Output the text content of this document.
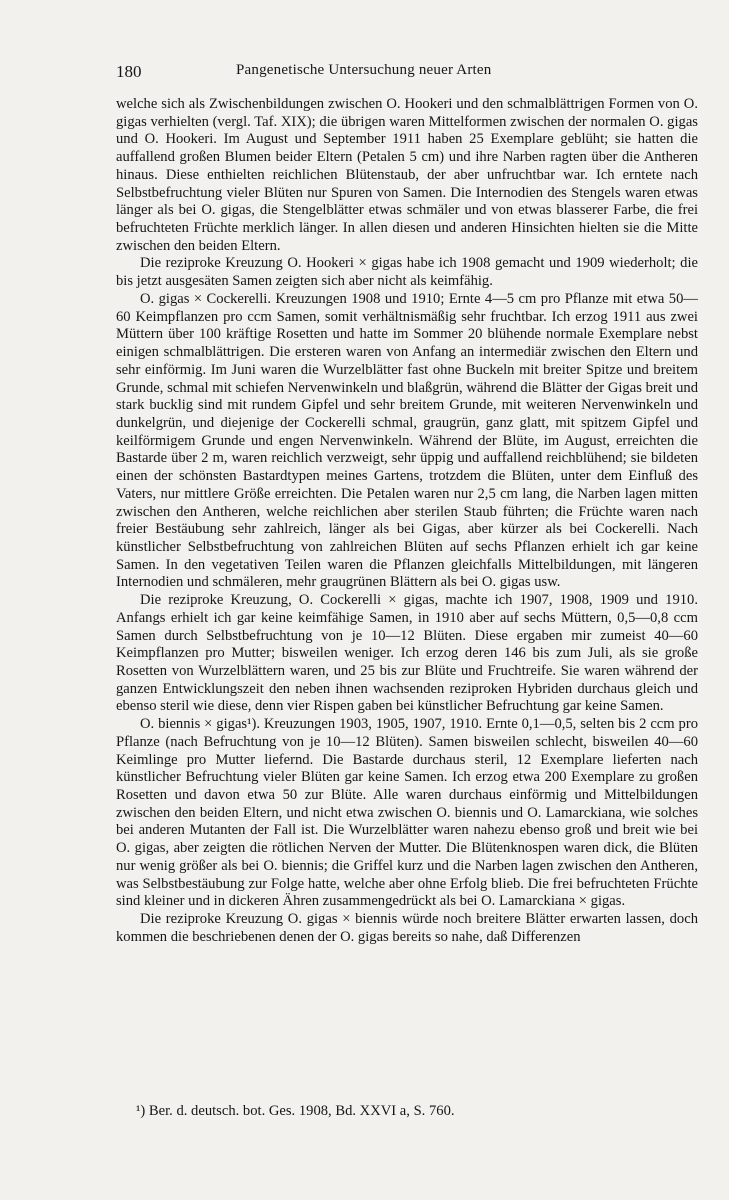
180	Pangenetische Untersuchung neuer Arten

welche sich als Zwischenbildungen zwischen O. Hookeri und den schmalblättrigen Formen von O. gigas verhielten (vergl. Taf. XIX); die übrigen waren Mittelformen zwischen der normalen O. gigas und O. Hookeri. Im August und September 1911 haben 25 Exemplare geblüht; sie hatten die auffallend großen Blumen beider Eltern (Petalen 5 cm) und ihre Narben ragten über die Antheren hinaus. Diese enthielten reichlichen Blütenstaub, der aber unfruchtbar war. Ich erntete nach Selbstbefruchtung vieler Blüten nur Spuren von Samen. Die Internodien des Stengels waren etwas länger als bei O. gigas, die Stengelblätter etwas schmäler und von etwas blasserer Farbe, die frei befruchteten Früchte merklich länger. In allen diesen und anderen Hinsichten hielten sie die Mitte zwischen den beiden Eltern.

Die reziproke Kreuzung O. Hookeri × gigas habe ich 1908 gemacht und 1909 wiederholt; die bis jetzt ausgesäten Samen zeigten sich aber nicht als keimfähig.

O. gigas × Cockerelli. Kreuzungen 1908 und 1910; Ernte 4—5 cm pro Pflanze mit etwa 50—60 Keimpflanzen pro ccm Samen, somit verhältnismäßig sehr fruchtbar. Ich erzog 1911 aus zwei Müttern über 100 kräftige Rosetten und hatte im Sommer 20 blühende normale Exemplare nebst einigen schmalblättrigen. Die ersteren waren von Anfang an intermediär zwischen den Eltern und sehr einförmig. Im Juni waren die Wurzelblätter fast ohne Buckeln mit breiter Spitze und breitem Grunde, schmal mit schiefen Nervenwinkeln und blaßgrün, während die Blätter der Gigas breit und stark bucklig sind mit rundem Gipfel und sehr breitem Grunde, mit weiteren Nervenwinkeln und dunkelgrün, und diejenige der Cockerelli schmal, graugrün, ganz glatt, mit spitzem Gipfel und keilförmigem Grunde und engen Nervenwinkeln. Während der Blüte, im August, erreichten die Bastarde über 2 m, waren reichlich verzweigt, sehr üppig und auffallend reichblühend; sie bildeten einen der schönsten Bastardtypen meines Gartens, trotzdem die Blüten, unter dem Einfluß des Vaters, nur mittlere Größe erreichten. Die Petalen waren nur 2,5 cm lang, die Narben lagen mitten zwischen den Antheren, welche reichlichen aber sterilen Staub führten; die Früchte waren nach freier Bestäubung sehr zahlreich, länger als bei Gigas, aber kürzer als bei Cockerelli. Nach künstlicher Selbstbefruchtung von zahlreichen Blüten auf sechs Pflanzen erhielt ich gar keine Samen. In den vegetativen Teilen waren die Pflanzen gleichfalls Mittelbildungen, mit längeren Internodien und schmäleren, mehr graugrünen Blättern als bei O. gigas usw.

Die reziproke Kreuzung, O. Cockerelli × gigas, machte ich 1907, 1908, 1909 und 1910. Anfangs erhielt ich gar keine keimfähige Samen, in 1910 aber auf sechs Müttern, 0,5—0,8 ccm Samen durch Selbstbefruchtung von je 10—12 Blüten. Diese ergaben mir zumeist 40—60 Keimpflanzen pro Mutter; bisweilen weniger. Ich erzog deren 146 bis zum Juli, als sie große Rosetten von Wurzelblättern waren, und 25 bis zur Blüte und Fruchtreife. Sie waren während der ganzen Entwicklungszeit den neben ihnen wachsenden reziproken Hybriden durchaus gleich und ebenso steril wie diese, denn vier Rispen gaben bei künstlicher Befruchtung gar keine Samen.

O. biennis × gigas¹). Kreuzungen 1903, 1905, 1907, 1910. Ernte 0,1—0,5, selten bis 2 ccm pro Pflanze (nach Befruchtung von je 10—12 Blüten). Samen bisweilen schlecht, bisweilen 40—60 Keimlinge pro Mutter liefernd. Die Bastarde durchaus steril, 12 Exemplare lieferten nach künstlicher Befruchtung vieler Blüten gar keine Samen. Ich erzog etwa 200 Exemplare zu großen Rosetten und davon etwa 50 zur Blüte. Alle waren durchaus einförmig und Mittelbildungen zwischen den beiden Eltern, und nicht etwa zwischen O. biennis und O. Lamarckiana, wie solches bei anderen Mutanten der Fall ist. Die Wurzelblätter waren nahezu ebenso groß und breit wie bei O. gigas, aber zeigten die rötlichen Nerven der Mutter. Die Blütenknospen waren dick, die Blüten nur wenig größer als bei O. biennis; die Griffel kurz und die Narben lagen zwischen den Antheren, was Selbstbestäubung zur Folge hatte, welche aber ohne Erfolg blieb. Die frei befruchteten Früchte sind kleiner und in dickeren Ähren zusammengedrückt als bei O. Lamarckiana × gigas.

Die reziproke Kreuzung O. gigas × biennis würde noch breitere Blätter erwarten lassen, doch kommen die beschriebenen denen der O. gigas bereits so nahe, daß Differenzen

¹) Ber. d. deutsch. bot. Ges. 1908, Bd. XXVI a, S. 760.
